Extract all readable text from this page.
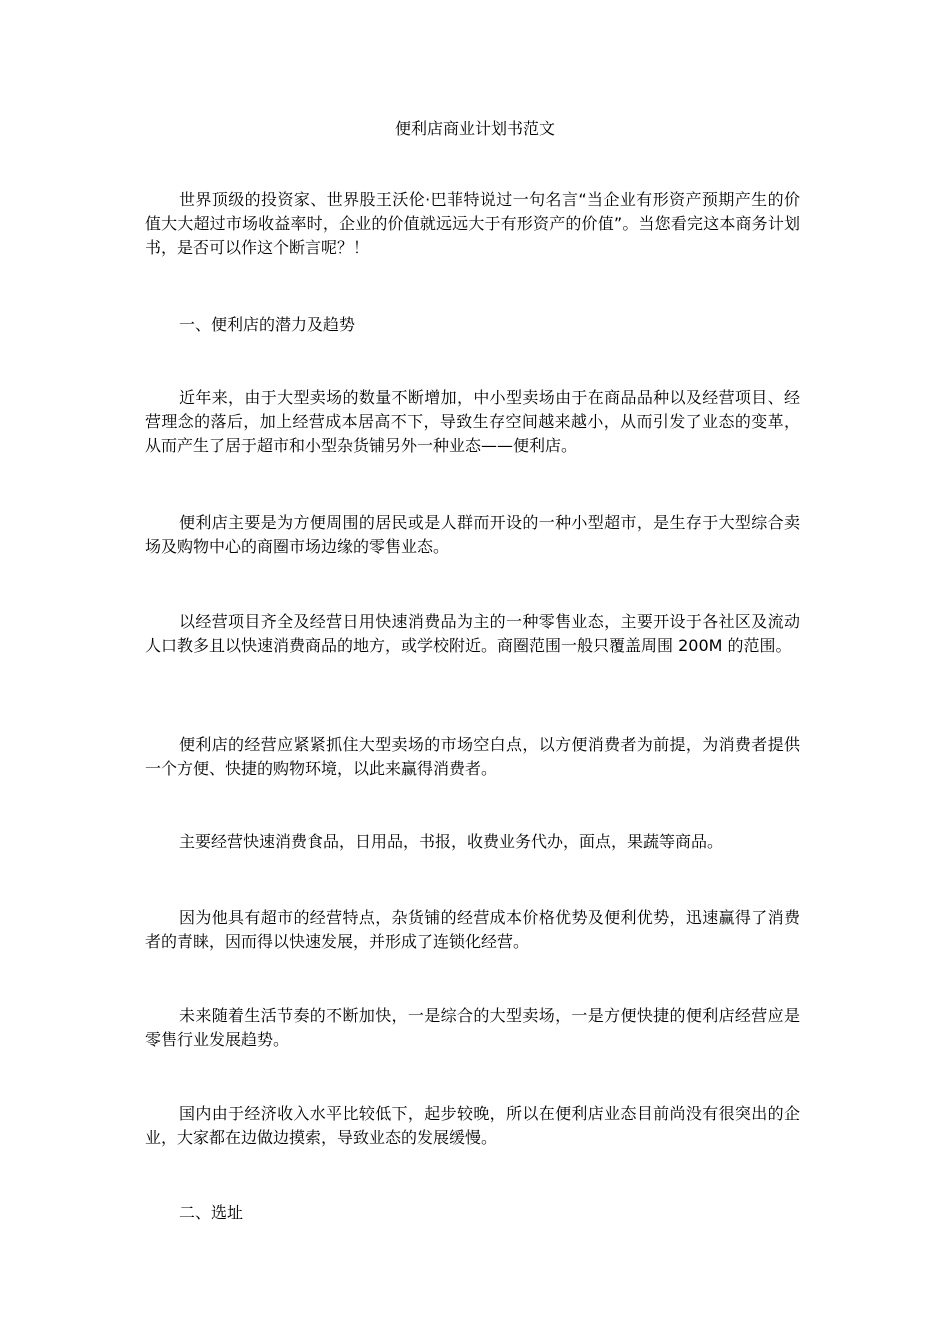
便利店商业计划书范文
世界顶级的投资家、世界股王沃伦·巴菲特说过一句名言“当企业有形资产预期产生的价值大大超过市场收益率时，企业的价值就远远大于有形资产的价值”。当您看完这本商务计划书，是否可以作这个断言呢？！
一、便利店的潜力及趋势
近年来，由于大型卖场的数量不断增加，中小型卖场由于在商品品种以及经营项目、经营理念的落后，加上经营成本居高不下，导致生存空间越来越小，从而引发了业态的变革，从而产生了居于超市和小型杂货铺另外一种业态——便利店。
便利店主要是为方便周围的居民或是人群而开设的一种小型超市，是生存于大型综合卖场及购物中心的商圈市场边缘的零售业态。
以经营项目齐全及经营日用快速消费品为主的一种零售业态，主要开设于各社区及流动人口教多且以快速消费商品的地方，或学校附近。商圈范围一般只覆盖周围 200M 的范围。
便利店的经营应紧紧抓住大型卖场的市场空白点，以方便消费者为前提，为消费者提供一个方便、快捷的购物环境，以此来赢得消费者。
主要经营快速消费食品，日用品，书报，收费业务代办，面点，果蔬等商品。
因为他具有超市的经营特点，杂货铺的经营成本价格优势及便利优势，迅速赢得了消费者的青睐，因而得以快速发展，并形成了连锁化经营。
未来随着生活节奏的不断加快，一是综合的大型卖场，一是方便快捷的便利店经营应是零售行业发展趋势。
国内由于经济收入水平比较低下，起步较晚，所以在便利店业态目前尚没有很突出的企业，大家都在边做边摸索，导致业态的发展缓慢。
二、选址
